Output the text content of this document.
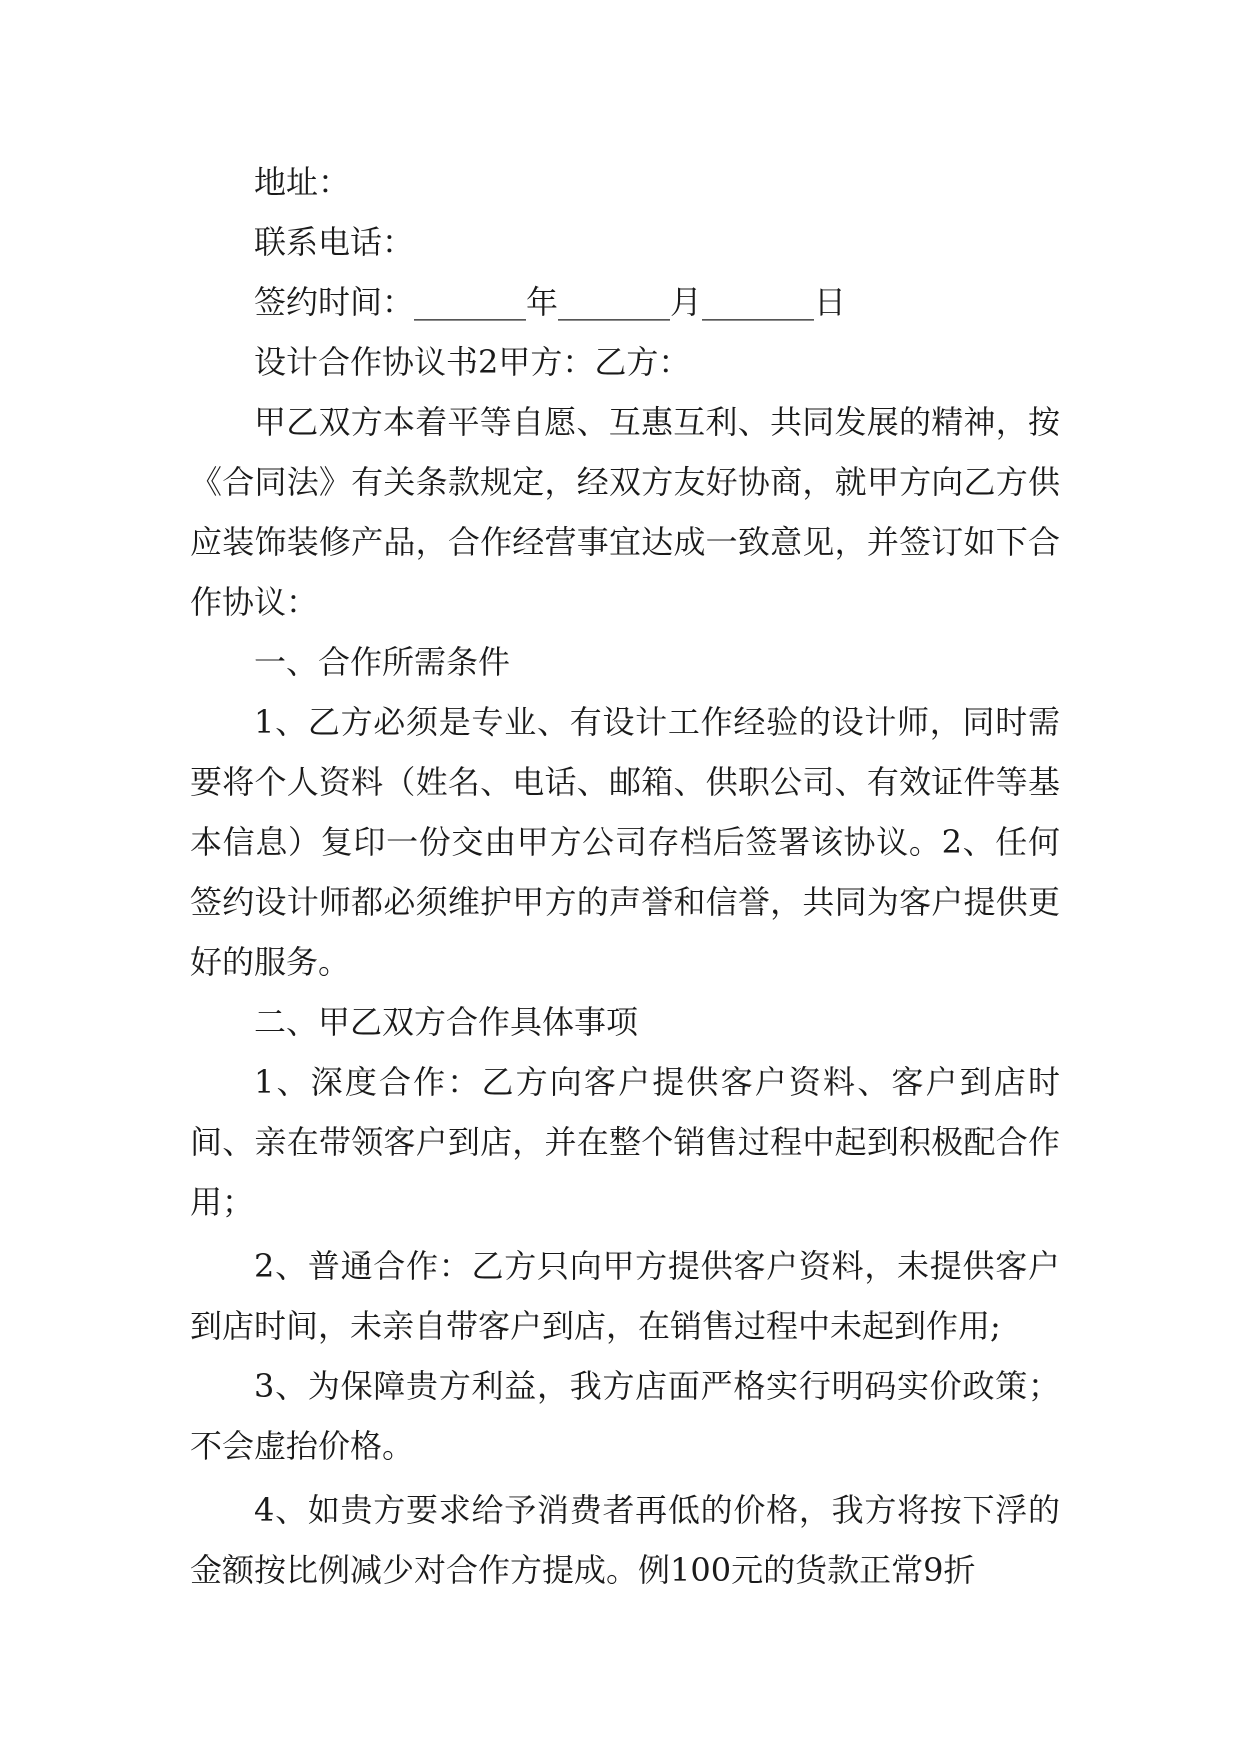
地址：

联系电话：

签约时间：_______年_______月_______日

设计合作协议书2甲方：乙方：

甲乙双方本着平等自愿、互惠互利、共同发展的精神，按《合同法》有关条款规定，经双方友好协商，就甲方向乙方供应装饰装修产品，合作经营事宜达成一致意见，并签订如下合作协议：

一、合作所需条件

1、乙方必须是专业、有设计工作经验的设计师，同时需要将个人资料（姓名、电话、邮箱、供职公司、有效证件等基本信息）复印一份交由甲方公司存档后签署该协议。2、任何签约设计师都必须维护甲方的声誉和信誉，共同为客户提供更好的服务。

二、甲乙双方合作具体事项

1、深度合作：乙方向客户提供客户资料、客户到店时间、亲在带领客户到店，并在整个销售过程中起到积极配合作用；

2、普通合作：乙方只向甲方提供客户资料，未提供客户到店时间，未亲自带客户到店，在销售过程中未起到作用;

3、为保障贵方利益，我方店面严格实行明码实价政策；不会虚抬价格。

4、如贵方要求给予消费者再低的价格，我方将按下浮的金额按比例减少对合作方提成。例100元的货款正常9折
